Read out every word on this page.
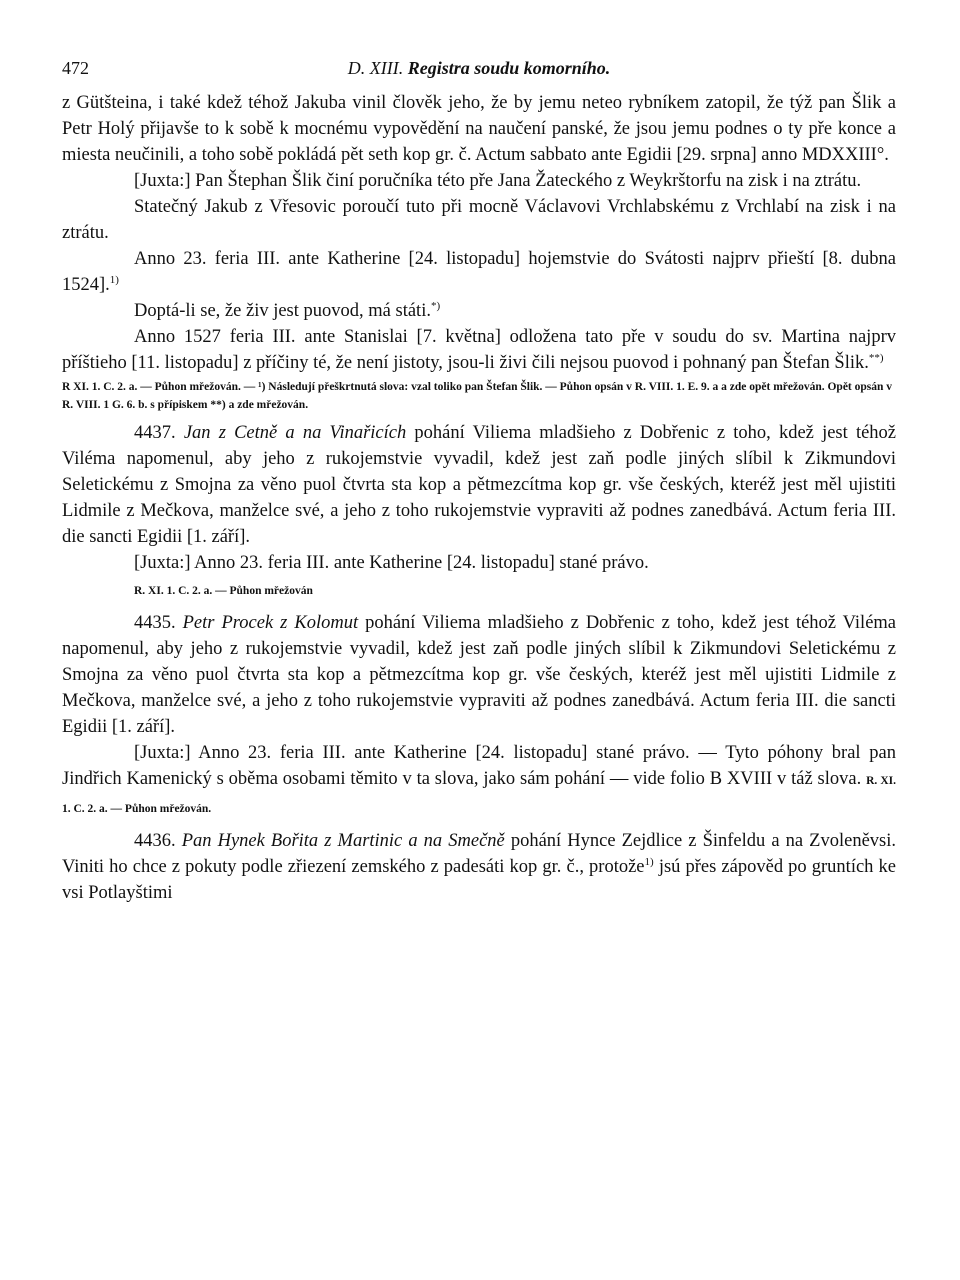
472	D. XIII. Registra soudu komorního.

z Gütšteina, i také kdež téhož Jakuba vinil člověk jeho, že by jemu neteo rybníkem zatopil, že týž pan Šlik a Petr Holý přijavše to k sobě k mocnému vypovědění na naučení panské, že jsou jemu podnes o ty pře konce a miesta neučinili, a toho sobě pokládá pět seth kop gr. č. Actum sabbato ante Egidii [29. srpna] anno MDXXIII°.

[Juxta:] Pan Štephan Šlik činí poručníka této pře Jana Žateckého z Weykrštorfu na zisk i na ztrátu.

Statečný Jakub z Vřesovic poroučí tuto při mocně Václavovi Vrchlabskému z Vrchlabí na zisk i na ztrátu.

Anno 23. feria III. ante Katherine [24. listopadu] hojemstvie do Svátosti najprv přieští [8. dubna 1524].$^{1)}$

Doptá-li se, že živ jest puovod, má státi.*)

Anno 1527 feria III. ante Stanislai [7. května] odložena tato pře v soudu do sv. Martina najprv příštieho [11. listopadu] z příčiny té, že není jistoty, jsou-li živi čili nejsou puovod i pohnaný pan Štefan Šlik.**)

R XI. 1. C. 2. a. — Půhon mřežován. — ¹) Následují přeškrtnutá slova: vzal toliko pan Štefan Šlik. — Půhon opsán v R. VIII. 1. E. 9. a a zde opět mřežován. Opět opsán v R. VIII. 1 G. 6. b. s přípiskem **) a zde mřežován.

4437. Jan z Cetně a na Vinařicích pohání Viliema mladšieho z Dobřenic z toho, kdež jest téhož Viléma napomenul, aby jeho z rukojemstvie vyvadil, kdež jest zaň podle jiných slíbil k Zikmundovi Seletickému z Smojna za věno puol čtvrta sta kop a pětmezcítma kop gr. vše českých, kteréž jest měl ujistiti Lidmile z Mečkova, manželce své, a jeho z toho rukojemstvie vypraviti až podnes zanedbává. Actum feria III. die sancti Egidii [1. září].

[Juxta:] Anno 23. feria III. ante Katherine [24. listopadu] stané právo.

R. XI. 1. C. 2. a. — Půhon mřežován

4435. Petr Procek z Kolomut pohání Viliema mladšieho z Dobřenic z toho, kdež jest téhož Viléma napomenul, aby jeho z rukojemstvie vyvadil, kdež jest zaň podle jiných slíbil k Zikmundovi Seletickému z Smojna za věno puol čtvrta sta kop a pětmezcítma kop gr. vše českých, kteréž jest měl ujistiti Lidmile z Mečkova, manželce své, a jeho z toho rukojemstvie vypraviti až podnes zanedbává. Actum feria III. die sancti Egidii [1. září].

[Juxta:] Anno 23. feria III. ante Katherine [24. listopadu] stané právo. — Tyto póhony bral pan Jindřich Kamenický s oběma osobami těmito v ta slova, jako sám pohání — vide folio B XVIII v táž slova. R. XI. 1. C. 2. a. — Půhon mřežován.

4436. Pan Hynek Bořita z Martinic a na Smečně pohání Hynce Zejdlice z Šinfeldu a na Zvoleněvsi. Viniti ho chce z pokuty podle zřiezení zemského z padesáti kop gr. č., protože$^{1)}$ jsú přes zápověd po gruntích ke vsi Potlayštimi
